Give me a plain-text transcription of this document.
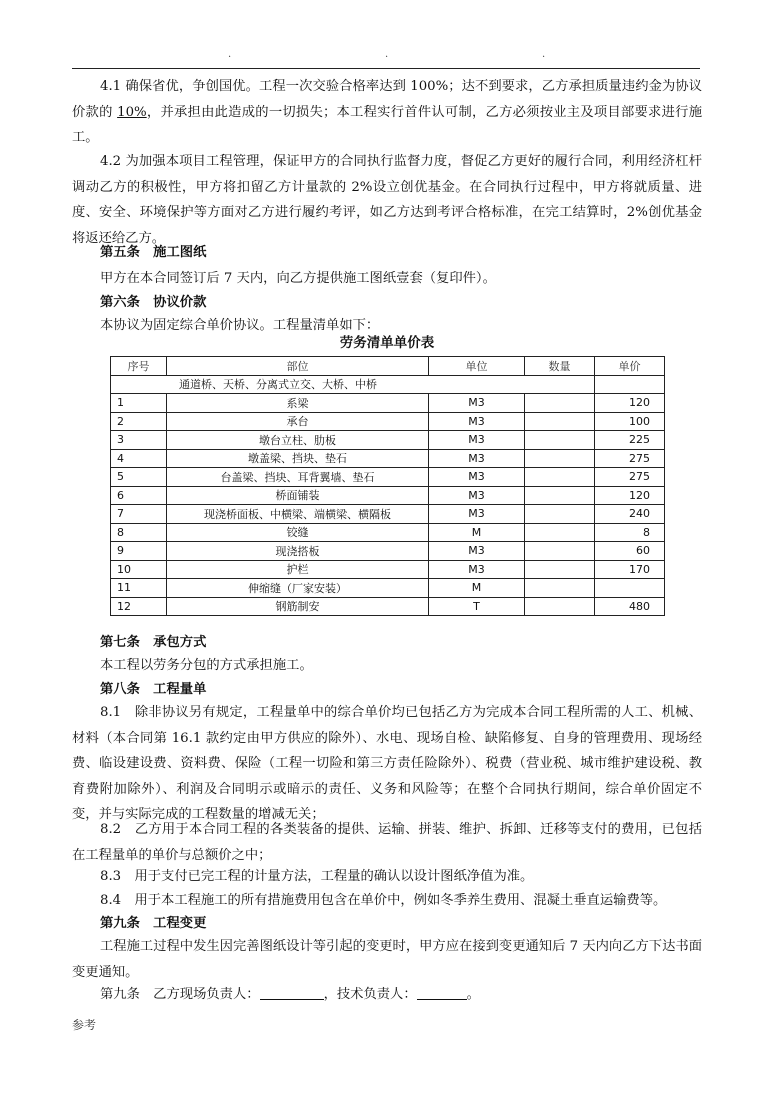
.	.	.

4.1 确保省优，争创国优。工程一次交验合格率达到 100%；达不到要求，乙方承担质量违约金为协议价款的 10%，并承担由此造成的一切损失；本工程实行首件认可制，乙方必须按业主及项目部要求进行施工。

4.2 为加强本项目工程管理，保证甲方的合同执行监督力度，督促乙方更好的履行合同，利用经济杠杆调动乙方的积极性，甲方将扣留乙方计量款的 2%设立创优基金。在合同执行过程中，甲方将就质量、进度、安全、环境保护等方面对乙方进行履约考评，如乙方达到考评合格标准，在完工结算时，2%创优基金将返还给乙方。

第五条　施工图纸

甲方在本合同签订后 7 天内，向乙方提供施工图纸壹套（复印件）。

第六条　协议价款

本协议为固定综合单价协议。工程量清单如下：

劳务清单单价表
序号	部位	单位	数量	单价
通道桥、天桥、分离式立交、大桥、中桥				
1	系梁	M3		120
2	承台	M3		100
3	墩台立柱、肋板	M3		225
4	墩盖梁、挡块、垫石	M3		275
5	台盖梁、挡块、耳背翼墙、垫石	M3		275
6	桥面铺装	M3		120
7	现浇桥面板、中横梁、端横梁、横隔板	M3		240
8	铰缝	M		8
9	现浇搭板	M3		60
10	护栏	M3		170
11	伸缩缝（厂家安装）	M		
12	钢筋制安	T		480

第七条　承包方式

本工程以劳务分包的方式承担施工。

第八条　工程量单

8.1　除非协议另有规定，工程量单中的综合单价均已包括乙方为完成本合同工程所需的人工、机械、材料（本合同第 16.1 款约定由甲方供应的除外）、水电、现场自检、缺陷修复、自身的管理费用、现场经费、临设建设费、资料费、保险（工程一切险和第三方责任险除外）、税费（营业税、城市维护建设税、教育费附加除外）、利润及合同明示或暗示的责任、义务和风险等；在整个合同执行期间，综合单价固定不变，并与实际完成的工程数量的增减无关；

8.2　乙方用于本合同工程的各类装备的提供、运输、拼装、维护、拆卸、迁移等支付的费用，已包括在工程量单的单价与总额价之中；

8.3　用于支付已完工程的计量方法，工程量的确认以设计图纸净值为准。

8.4　用于本工程施工的所有措施费用包含在单价中，例如冬季养生费用、混凝土垂直运输费等。

第九条　工程变更

工程施工过程中发生因完善图纸设计等引起的变更时，甲方应在接到变更通知后 7 天内向乙方下达书面变更通知。

第九条　乙方现场负责人：	，技术负责人：	。

参考
